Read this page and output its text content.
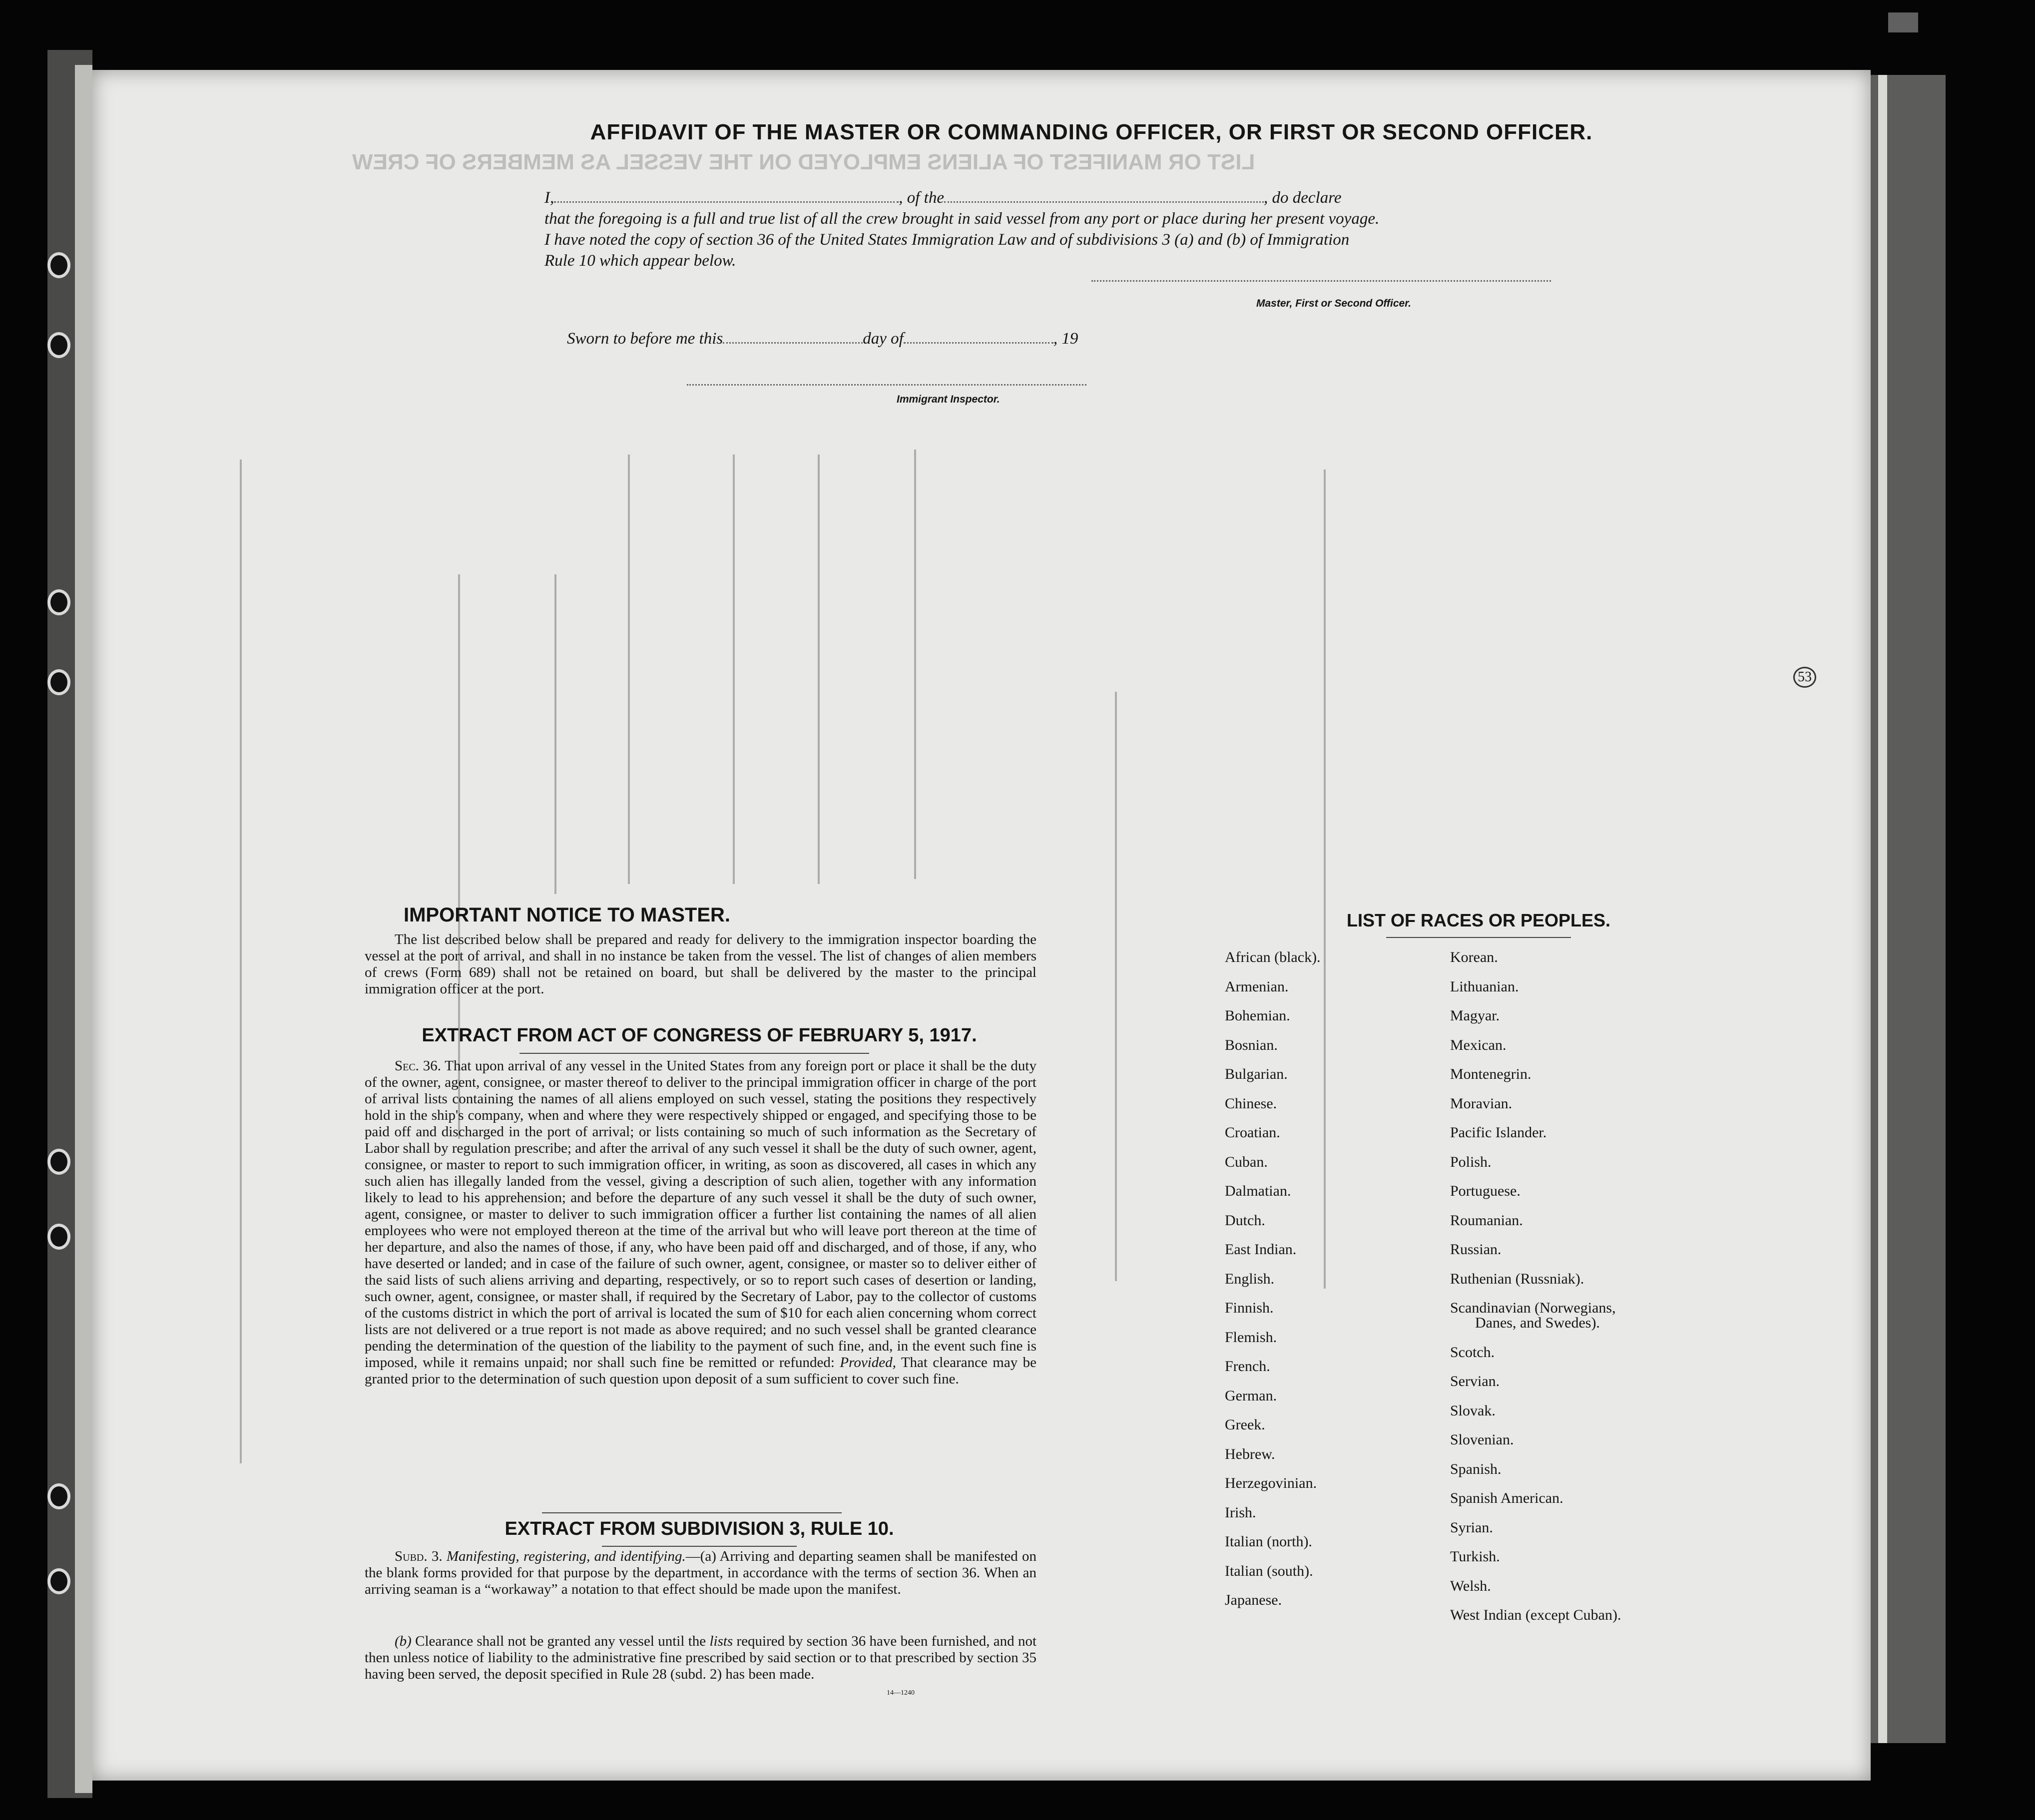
LIST OR MANIFEST OF ALIENS EMPLOYED ON THE VESSEL AS MEMBERS OF CREW
AFFIDAVIT OF THE MASTER OR COMMANDING OFFICER, OR FIRST OR SECOND OFFICER.
I,	, of the	, do declare
that the foregoing is a full and true list of all the crew brought in said vessel from any port or place during her present voyage.
I have noted the copy of section 36 of the United States Immigration Law and of subdivisions 3 (a) and (b) of Immigration
Rule 10 which appear below.
Master, First or Second Officer.
Sworn to before me this	day of	, 19
Immigrant Inspector.
IMPORTANT NOTICE TO MASTER.
The list described below shall be prepared and ready for delivery to the immigration inspector boarding the vessel at the port of arrival, and shall in no instance be taken from the vessel. The list of changes of alien members of crews (Form 689) shall not be retained on board, but shall be delivered by the master to the principal immigration officer at the port.
EXTRACT FROM ACT OF CONGRESS OF FEBRUARY 5, 1917.
Sec. 36. That upon arrival of any vessel in the United States from any foreign port or place it shall be the duty of the owner, agent, consignee, or master thereof to deliver to the principal immigration officer in charge of the port of arrival lists containing the names of all aliens employed on such vessel, stating the positions they respectively hold in the ship's company, when and where they were respectively shipped or engaged, and specifying those to be paid off and discharged in the port of arrival; or lists containing so much of such information as the Secretary of Labor shall by regulation prescribe; and after the arrival of any such vessel it shall be the duty of such owner, agent, consignee, or master to report to such immigration officer, in writing, as soon as discovered, all cases in which any such alien has illegally landed from the vessel, giving a description of such alien, together with any information likely to lead to his apprehension; and before the departure of any such vessel it shall be the duty of such owner, agent, consignee, or master to deliver to such immigration officer a further list containing the names of all alien employees who were not employed thereon at the time of the arrival but who will leave port thereon at the time of her departure, and also the names of those, if any, who have been paid off and discharged, and of those, if any, who have deserted or landed; and in case of the failure of such owner, agent, consignee, or master so to deliver either of the said lists of such aliens arriving and departing, respectively, or so to report such cases of desertion or landing, such owner, agent, consignee, or master shall, if required by the Secretary of Labor, pay to the collector of customs of the customs district in which the port of arrival is located the sum of $10 for each alien concerning whom correct lists are not delivered or a true report is not made as above required; and no such vessel shall be granted clearance pending the determination of the question of the liability to the payment of such fine, and, in the event such fine is imposed, while it remains unpaid; nor shall such fine be remitted or refunded: Provided, That clearance may be granted prior to the determination of such question upon deposit of a sum sufficient to cover such fine.
EXTRACT FROM SUBDIVISION 3, RULE 10.
Subd. 3. Manifesting, registering, and identifying.—(a) Arriving and departing seamen shall be manifested on the blank forms provided for that purpose by the department, in accordance with the terms of section 36. When an arriving seaman is a “workaway” a notation to that effect should be made upon the manifest.
(b) Clearance shall not be granted any vessel until the lists required by section 36 have been furnished, and not then unless notice of liability to the administrative fine prescribed by said section or to that prescribed by section 35 having been served, the deposit specified in Rule 28 (subd. 2) has been made.
14—1240
LIST OF RACES OR PEOPLES.
53
African (black).
Armenian.
Bohemian.
Bosnian.
Bulgarian.
Chinese.
Croatian.
Cuban.
Dalmatian.
Dutch.
East Indian.
English.
Finnish.
Flemish.
French.
German.
Greek.
Hebrew.
Herzegovinian.
Irish.
Italian (north).
Italian (south).
Japanese.
Korean.
Lithuanian.
Magyar.
Mexican.
Montenegrin.
Moravian.
Pacific Islander.
Polish.
Portuguese.
Roumanian.
Russian.
Ruthenian (Russniak).
Scandinavian (Norwegians,
Danes, and Swedes).
Scotch.
Servian.
Slovak.
Slovenian.
Spanish.
Spanish American.
Syrian.
Turkish.
Welsh.
West Indian (except Cuban).
